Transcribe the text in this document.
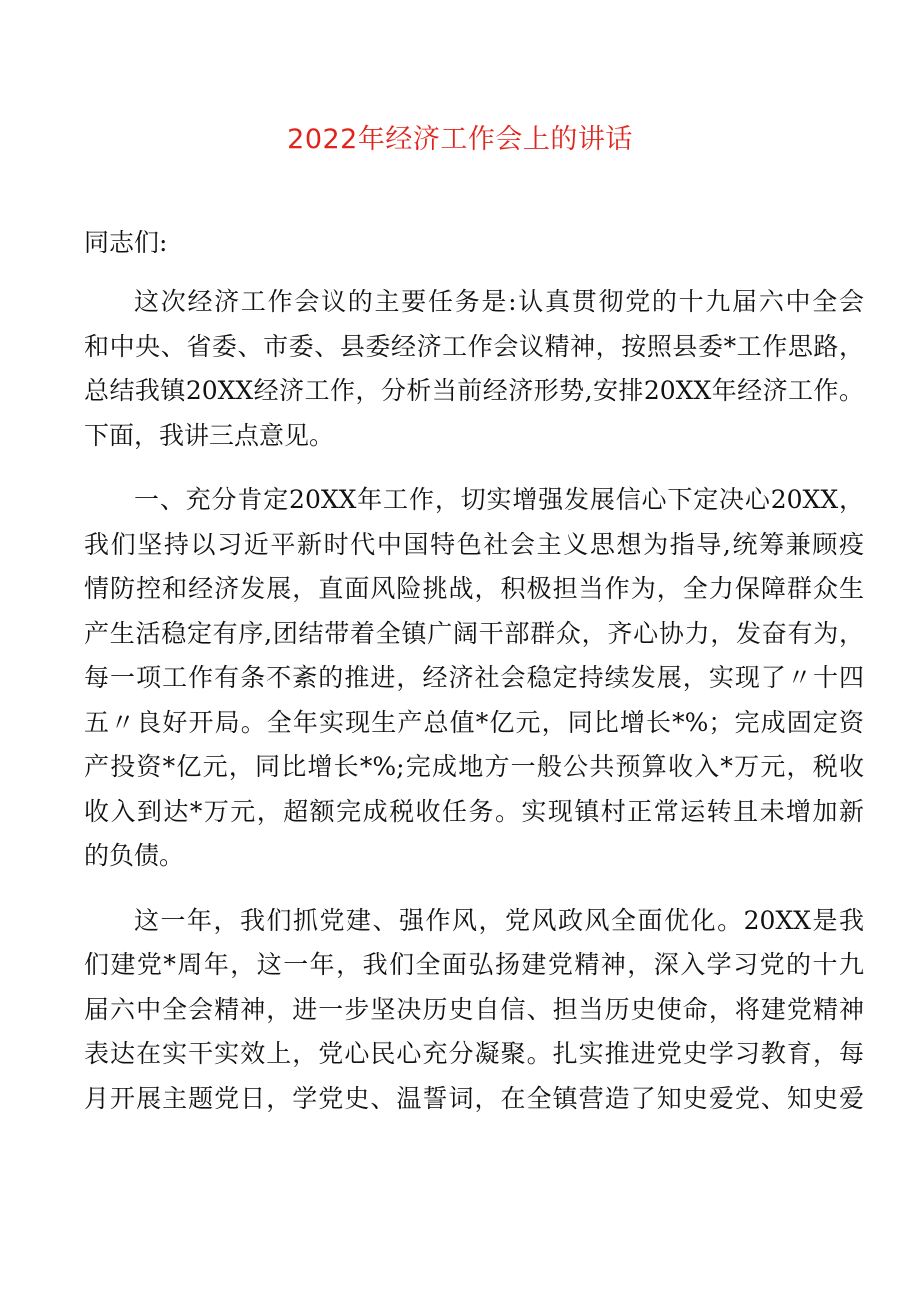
2022年经济工作会上的讲话
同志们:
这次经济工作会议的主要任务是:认真贯彻党的十九届六中全会
和中央、省委、市委、县委经济工作会议精神，按照县委*工作思路，
总结我镇20XX经济工作，分析当前经济形势,安排20XX年经济工作。
下面，我讲三点意见。
一、充分肯定20XX年工作，切实增强发展信心下定决心20XX，
我们坚持以习近平新时代中国特色社会主义思想为指导,统筹兼顾疫
情防控和经济发展，直面风险挑战，积极担当作为，全力保障群众生
产生活稳定有序,团结带着全镇广阔干部群众，齐心协力，发奋有为，
每一项工作有条不紊的推进，经济社会稳定持续发展，实现了〃十四
五〃良好开局。全年实现生产总值*亿元，同比增长*%；完成固定资
产投资*亿元，同比增长*%;完成地方一般公共预算收入*万元，税收
收入到达*万元，超额完成税收任务。实现镇村正常运转且未增加新
的负债。
这一年，我们抓党建、强作风，党风政风全面优化。20XX是我
们建党*周年，这一年，我们全面弘扬建党精神，深入学习党的十九
届六中全会精神，进一步坚决历史自信、担当历史使命，将建党精神
表达在实干实效上，党心民心充分凝聚。扎实推进党史学习教育，每
月开展主题党日，学党史、温誓词，在全镇营造了知史爱党、知史爱
